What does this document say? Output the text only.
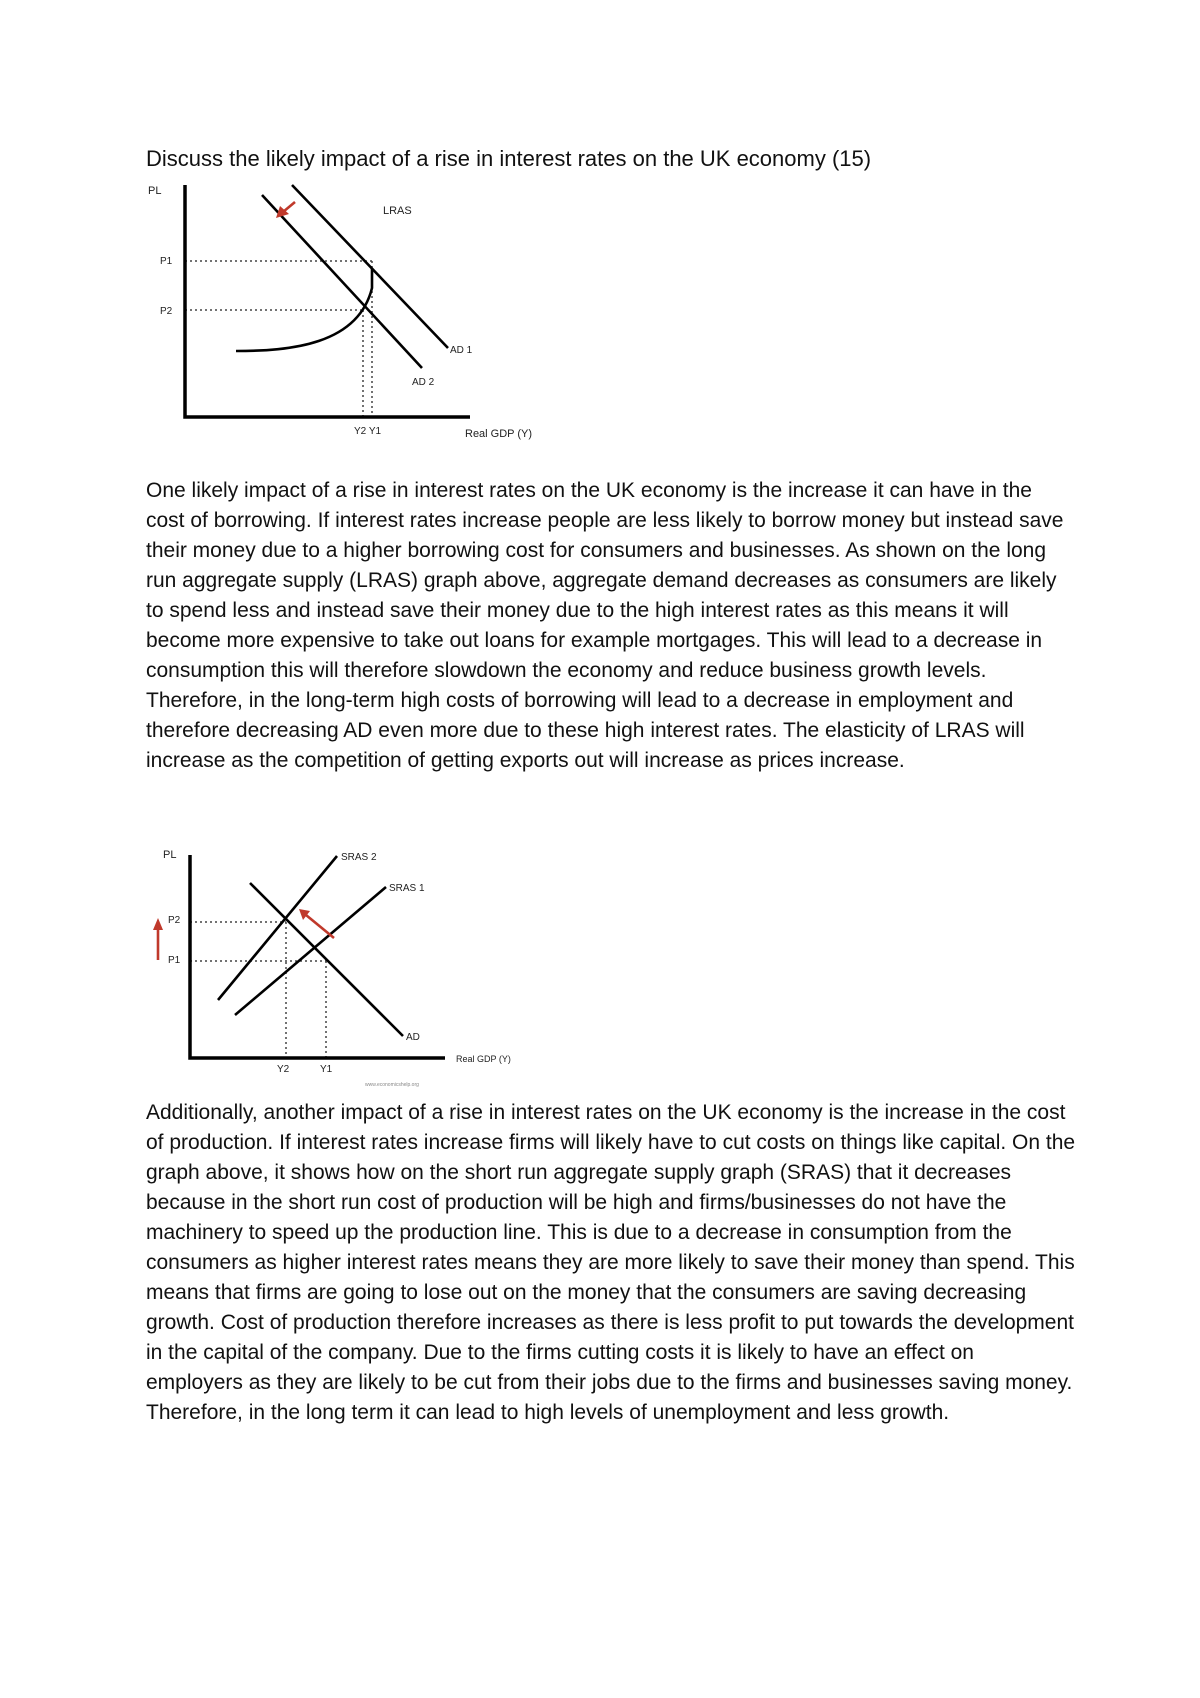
Discuss the likely impact of a rise in interest rates on the UK economy (15)
PL
P1
P2
LRAS
AD 1
AD 2
Y2 Y1	Real GDP (Y)

One likely impact of a rise in interest rates on the UK economy is the increase it can have in the cost of borrowing. If interest rates increase people are less likely to borrow money but instead save their money due to a higher borrowing cost for consumers and businesses. As shown on the long run aggregate supply (LRAS) graph above, aggregate demand decreases as consumers are likely to spend less and instead save their money due to the high interest rates as this means it will become more expensive to take out loans for example mortgages. This will lead to a decrease in consumption this will therefore slowdown the economy and reduce business growth levels. Therefore, in the long-term high costs of borrowing will lead to a decrease in employment and therefore decreasing AD even more due to these high interest rates. The elasticity of LRAS will increase as the competition of getting exports out will increase as prices increase.

PL
P2
P1
SRAS 2
SRAS 1
AD
Y2	Y1
Real GDP (Y)
www.economicshelp.org

Additionally, another impact of a rise in interest rates on the UK economy is the increase in the cost of production. If interest rates increase firms will likely have to cut costs on things like capital. On the graph above, it shows how on the short run aggregate supply graph (SRAS) that it decreases because in the short run cost of production will be high and firms/businesses do not have the machinery to speed up the production line. This is due to a decrease in consumption from the consumers as higher interest rates means they are more likely to save their money than spend. This means that firms are going to lose out on the money that the consumers are saving decreasing growth. Cost of production therefore increases as there is less profit to put towards the development in the capital of the company. Due to the firms cutting costs it is likely to have an effect on employers as they are likely to be cut from their jobs due to the firms and businesses saving money. Therefore, in the long term it can lead to high levels of unemployment and less growth.
